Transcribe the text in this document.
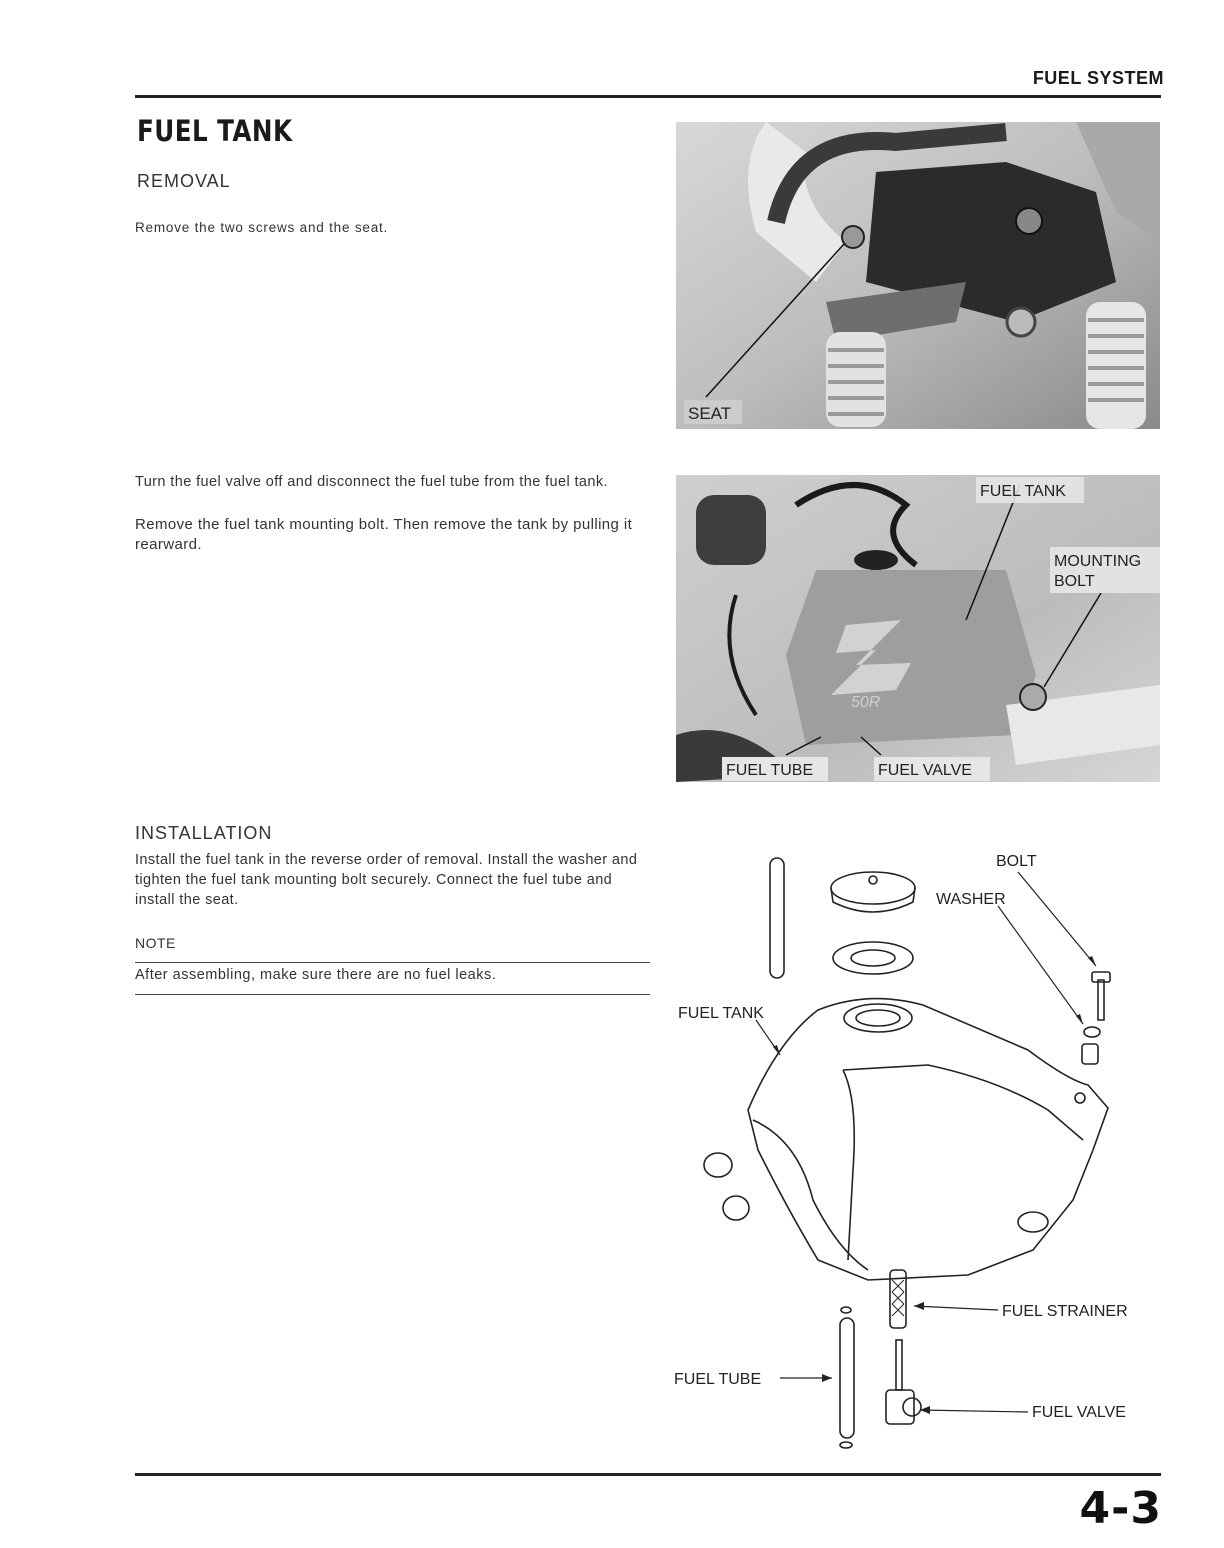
FUEL SYSTEM
FUEL TANK
REMOVAL
Remove the two screws and the seat.
Turn the fuel valve off and disconnect the fuel tube from the fuel tank.
Remove the fuel tank mounting bolt. Then remove the tank by pulling it rearward.
INSTALLATION
Install the fuel tank in the reverse order of removal. Install the washer and tighten the fuel tank mounting bolt securely. Connect the fuel tube and install the seat.
NOTE
After assembling, make sure there are no fuel leaks.
SEAT
50R
FUEL TANK
MOUNTING
BOLT
FUEL TUBE	FUEL VALVE
BOLT
WASHER
FUEL TANK
FUEL STRAINER
FUEL TUBE
FUEL VALVE
4-3
